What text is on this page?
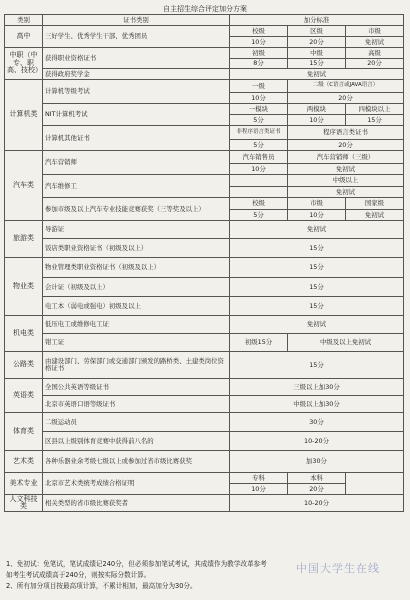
自主招生综合评定加分方案
类别	证书类别	加分标准		
高中	三好学生、优秀学生干部、优秀团员	校级	区级	市级
		10分	20分	免初试
中职（中专、职高、技校）	获得职业资格证书	初级	中级	高级
		8分	15分	20分
	获得政府奖学金	免初试		
计算机类	计算机等级考试	一级	二级（C语言或JAVA语言）	
		10分	20分	
	NIT计算机考试	一模块	两模块	四模块以上
		5分	10分	15分
	计算机其他证书	非程序语言类证书	程序语言类证书	
		5分	20分	
汽车类	汽车营销师	汽车销售员	汽车营销师（三级）	
		10分	免初试	
	汽车维修工		中级以上	
			免初试	
	参加市级及以上汽车专业技能竞赛获奖（三等奖及以上）	校级	市级	国家级
		5分	10分	免初试
旅游类	导游证	免初试		
	饭店类职业资格证书（初级及以上）	15分		
物业类	物业管理类职业资格证书（初级及以上）	15分		
	会计证（初级及以上）	15分		
	电工本（弱电或强电）初级及以上	15分		
机电类	低压电工或维修电工证	免初试		
	钳工证	初级15分	中级及以上免初试	
公路类	由建设部门、劳保部门或交通部门颁发的路桥类、土建类岗位资格证书	15分		
英语类	全国公共英语等级证书	三级以上加30分		
	北京市英语口语等级证书	中级以上加30分		
体育类	二级运动员	30分		
	区县以上级别体育竞赛中获得前八名的	10-20分		
艺术类	各种乐器业余考级七级以上或参加过省市级比赛获奖	加30分		
美术专业	北京市艺术类统考成绩合格证明	专科	本科	
		10分	20分	
人文科技类	相关类型的省市级比赛获奖者	10-20分		
1、免初试：免笔试，笔试成绩记240分，但必须参加笔试考试，其成绩作为教学改革参考
如考生考试成绩高于240分，则按实际分数计算。
2、所有加分项目按最高项计算，不累计相加，最高加分为30分。
中国大学生在线
